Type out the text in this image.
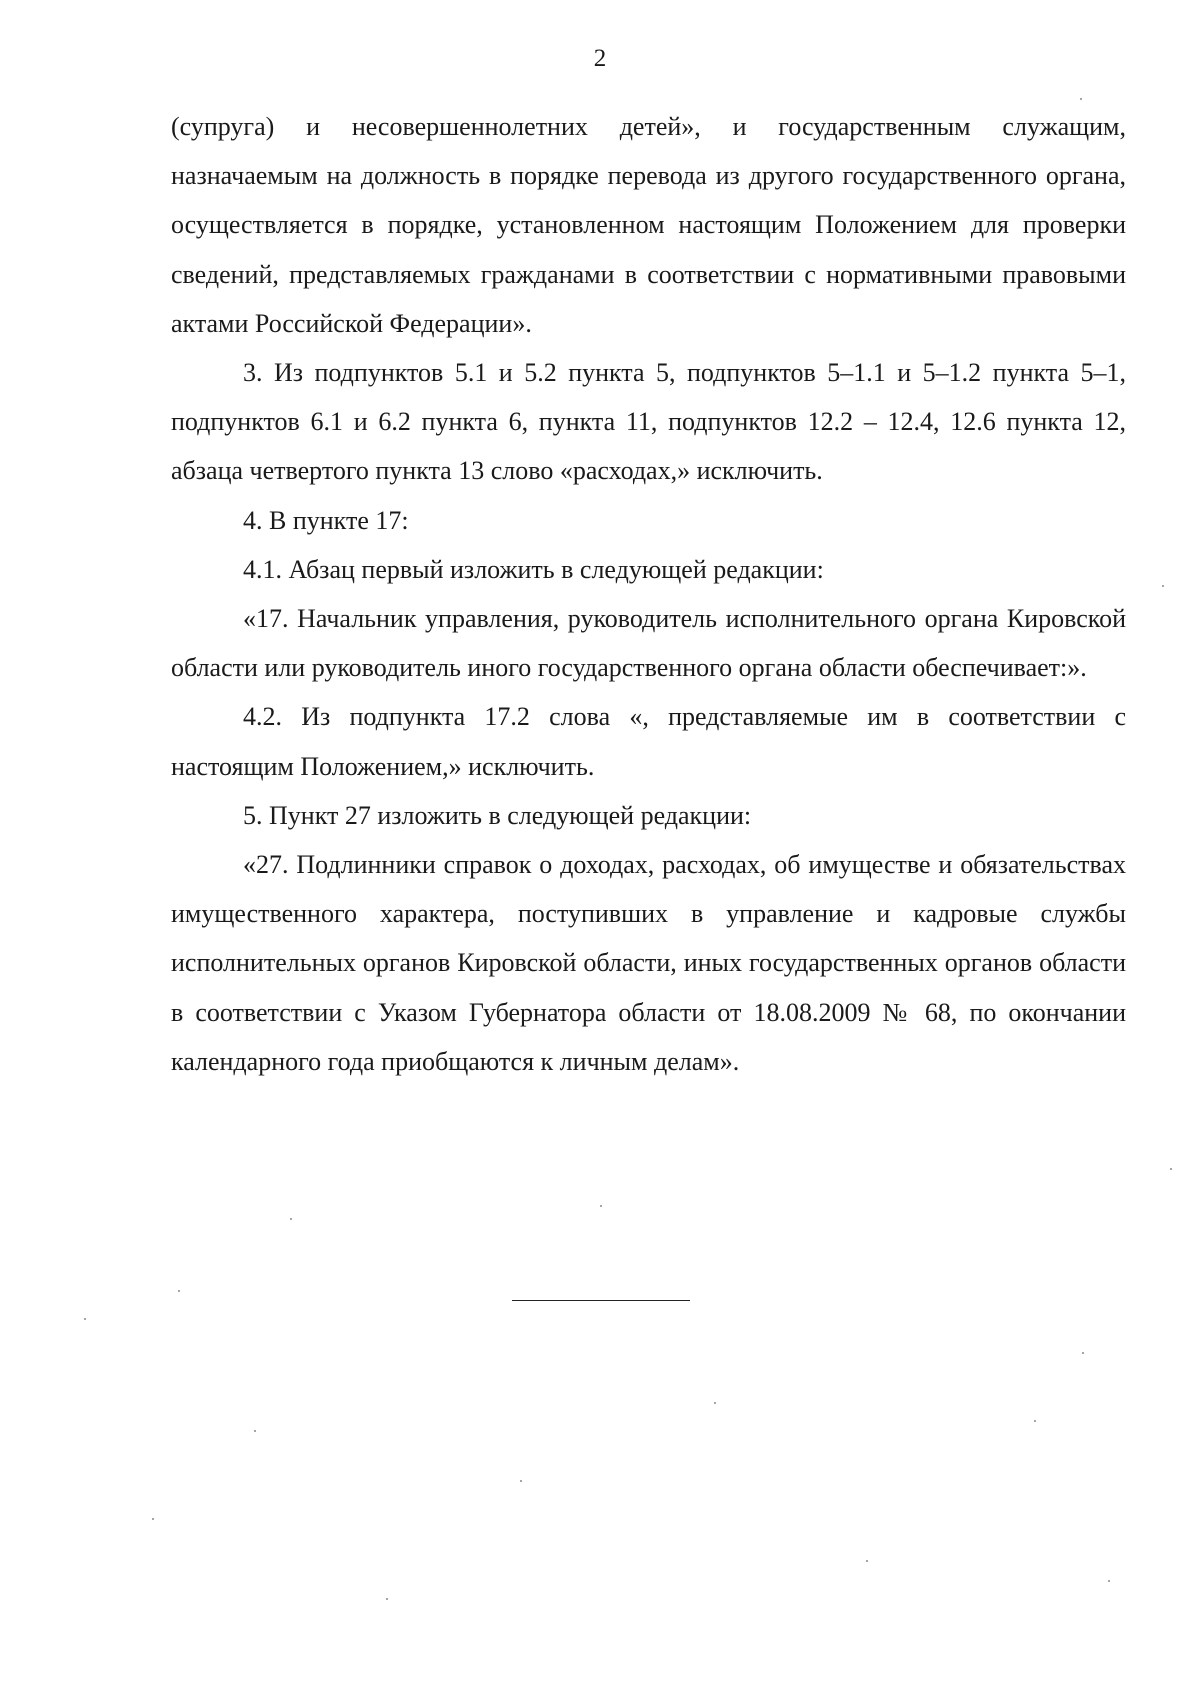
2

(супруга) и несовершеннолетних детей», и государственным служащим, назначаемым на должность в порядке перевода из другого государственного органа, осуществляется в порядке, установленном настоящим Положением для проверки сведений, представляемых гражданами в соответствии с нормативными правовыми актами Российской Федерации».

3. Из подпунктов 5.1 и 5.2 пункта 5, подпунктов 5–1.1 и 5–1.2 пункта 5–1, подпунктов 6.1 и 6.2 пункта 6, пункта 11, подпунктов 12.2 – 12.4, 12.6 пункта 12, абзаца четвертого пункта 13 слово «расходах,» исключить.

4. В пункте 17:

4.1. Абзац первый изложить в следующей редакции:

«17. Начальник управления, руководитель исполнительного органа Кировской области или руководитель иного государственного органа области обеспечивает:».

4.2. Из подпункта 17.2 слова «, представляемые им в соответствии с настоящим Положением,» исключить.

5. Пункт 27 изложить в следующей редакции:

«27. Подлинники справок о доходах, расходах, об имуществе и обязательствах имущественного характера, поступивших в управление и кадровые службы исполнительных органов Кировской области, иных государственных органов области в соответствии с Указом Губернатора области от 18.08.2009 № 68, по окончании календарного года приобщаются к личным делам».
